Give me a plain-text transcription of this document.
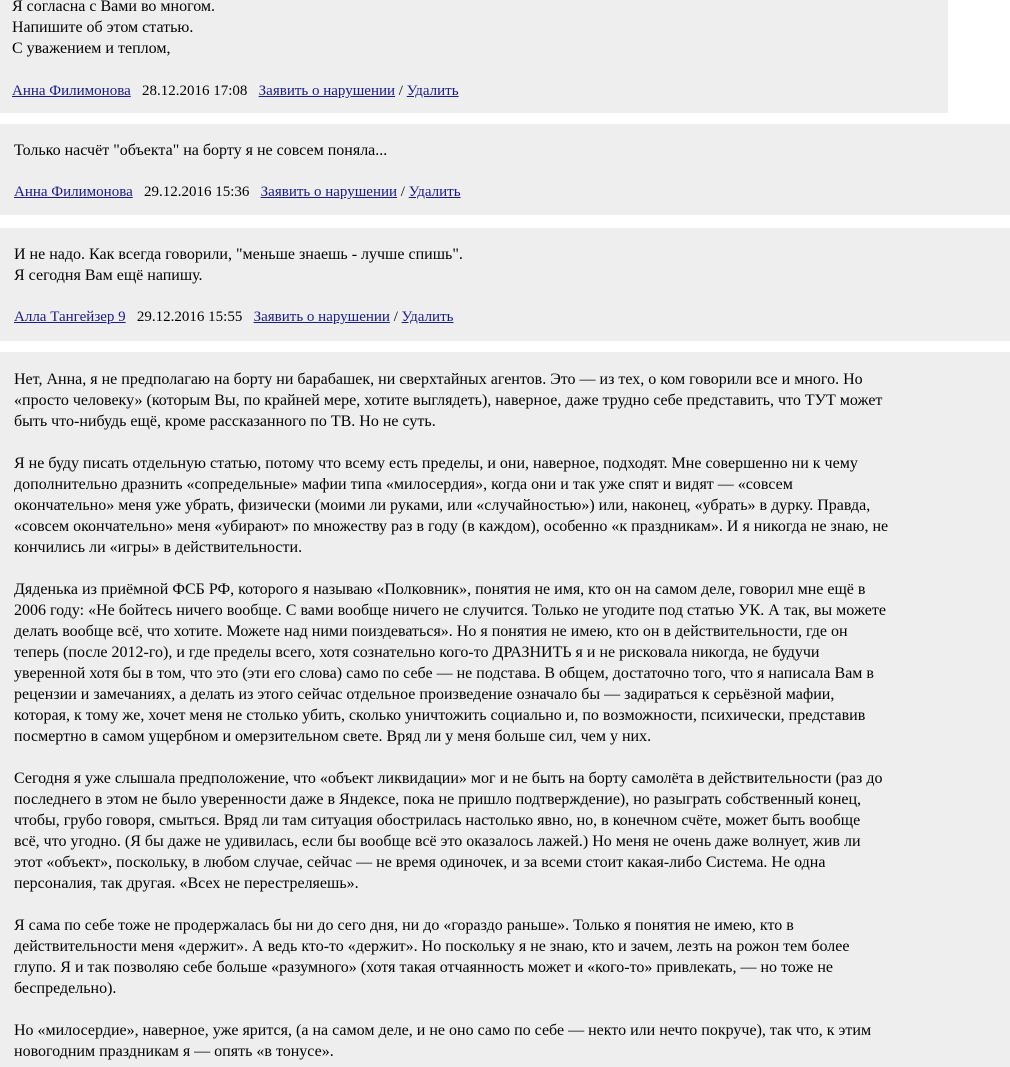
Я согласна с Вами во многом.

Напишите об этом статью.

С уважением и теплом,

Анна Филимонова 28.12.2016 17:08 Заявить о нарушении / Удалить

Только насчёт "объекта" на борту я не совсем поняла...

Анна Филимонова 29.12.2016 15:36 Заявить о нарушении / Удалить

И не надо. Как всегда говорили, "меньше знаешь - лучше спишь".

Я сегодня Вам ещё напишу.

Алла Тангейзер 9 29.12.2016 15:55 Заявить о нарушении / Удалить
Нет, Анна, я не предполагаю на борту ни барабашек, ни сверхтайных агентов. Это — из тех, о ком говорили все и много. Но
«просто человеку» (которым Вы, по крайней мере, хотите выглядеть), наверное, даже трудно себе представить, что ТУТ может
быть что-нибудь ещё, кроме рассказанного по ТВ. Но не суть.
Я не буду писать отдельную статью, потому что всему есть пределы, и они, наверное, подходят. Мне совершенно ни к чему
дополнительно дразнить «сопредельные» мафии типа «милосердия», когда они и так уже спят и видят — «совсем
окончательно» меня уже убрать, физически (моими ли руками, или «случайностью») или, наконец, «убрать» в дурку. Правда,
«совсем окончательно» меня «убирают» по множеству раз в году (в каждом), особенно «к праздникам». И я никогда не знаю, не
кончились ли «игры» в действительности.
Дяденька из приёмной ФСБ РФ, которого я называю «Полковник», понятия не имя, кто он на самом деле, говорил мне ещё в
2006 году: «Не бойтесь ничего вообще. С вами вообще ничего не случится. Только не угодите под статью УК. А так, вы можете
делать вообще всё, что хотите. Можете над ними поиздеваться». Но я понятия не имею, кто он в действительности, где он
теперь (после 2012-го), и где пределы всего, хотя сознательно кого-то ДРАЗНИТЬ я и не рисковала никогда, не будучи
уверенной хотя бы в том, что это (эти его слова) само по себе — не подстава. В общем, достаточно того, что я написала Вам в
рецензии и замечаниях, а делать из этого сейчас отдельное произведение означало бы — задираться к серьёзной мафии,
которая, к тому же, хочет меня не столько убить, сколько уничтожить социально и, по возможности, психически, представив
посмертно в самом ущербном и омерзительном свете. Вряд ли у меня больше сил, чем у них.
Сегодня я уже слышала предположение, что «объект ликвидации» мог и не быть на борту самолёта в действительности (раз до
последнего в этом не было уверенности даже в Яндексе, пока не пришло подтверждение), но разыграть собственный конец,
чтобы, грубо говоря, смыться. Вряд ли там ситуация обострилась настолько явно, но, в конечном счёте, может быть вообще
всё, что угодно. (Я бы даже не удивилась, если бы вообще всё это оказалось лажей.) Но меня не очень даже волнует, жив ли
этот «объект», поскольку, в любом случае, сейчас — не время одиночек, и за всеми стоит какая-либо Система. Не одна
персоналия, так другая. «Всех не перестреляешь».
Я сама по себе тоже не продержалась бы ни до сего дня, ни до «гораздо раньше». Только я понятия не имею, кто в
действительности меня «держит». А ведь кто-то «держит». Но поскольку я не знаю, кто и зачем, лезть на рожон тем более
глупо. Я и так позволяю себе больше «разумного» (хотя такая отчаянность может и «кого-то» привлекать, — но тоже не
беспредельно).
Но «милосердие», наверное, уже ярится, (а на самом деле, и не оно само по себе — некто или нечто покруче), так что, к этим
новогодним праздникам я — опять «в тонусе».
